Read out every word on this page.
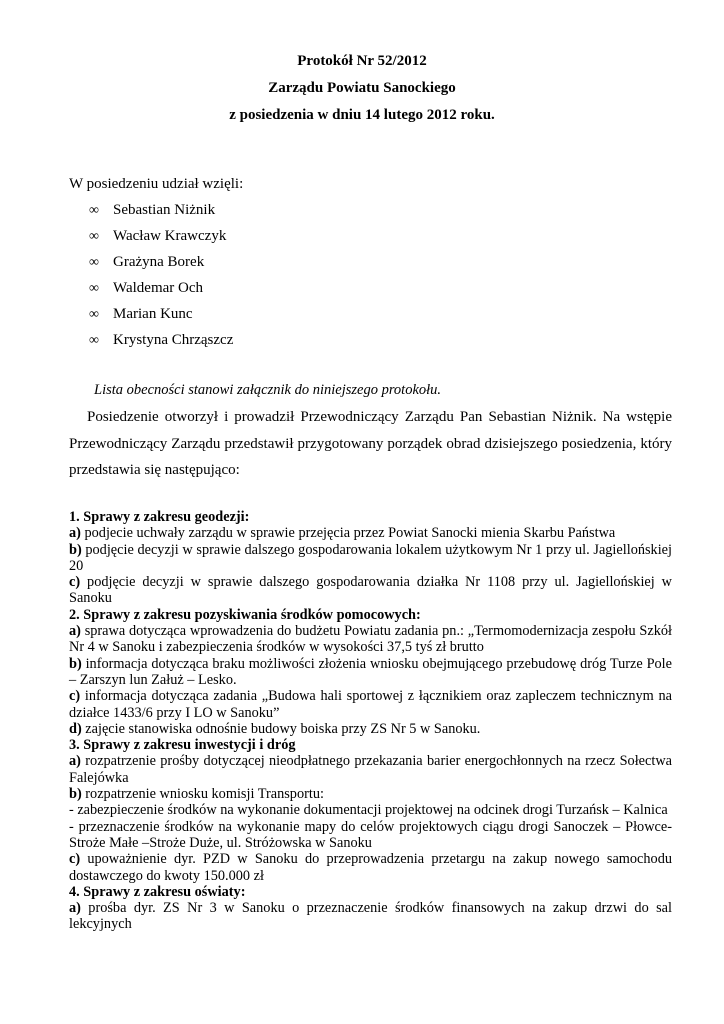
Protokół Nr 52/2012
Zarządu Powiatu Sanockiego
z posiedzenia w dniu 14 lutego 2012 roku.
W posiedzeniu udział wzięli:
∞ Sebastian Niżnik
∞ Wacław Krawczyk
∞ Grażyna Borek
∞ Waldemar Och
∞ Marian Kunc
∞ Krystyna Chrząszcz
Lista obecności stanowi załącznik do niniejszego protokołu.
Posiedzenie otworzył i prowadził Przewodniczący Zarządu Pan Sebastian Niżnik. Na wstępie Przewodniczący Zarządu przedstawił przygotowany porządek obrad dzisiejszego posiedzenia, który przedstawia się następująco:

1. Sprawy z zakresu geodezji:

a) podjecie uchwały zarządu w sprawie przejęcia przez Powiat Sanocki mienia Skarbu Państwa

b) podjęcie decyzji w sprawie dalszego gospodarowania lokalem użytkowym Nr 1 przy ul. Jagiellońskiej 20

c) podjęcie decyzji w sprawie dalszego gospodarowania działka Nr 1108 przy ul. Jagiellońskiej w Sanoku

2. Sprawy z zakresu pozyskiwania środków pomocowych:

a) sprawa dotycząca wprowadzenia do budżetu Powiatu zadania pn.: „Termomodernizacja zespołu Szkół Nr 4 w Sanoku i zabezpieczenia środków w wysokości 37,5 tyś zł brutto

b) informacja dotycząca braku możliwości złożenia wniosku obejmującego przebudowę dróg Turze Pole – Zarszyn lun Załuż – Lesko.

c) informacja dotycząca zadania „Budowa hali sportowej z łącznikiem oraz zapleczem technicznym na działce 1433/6 przy I LO w Sanoku”

d) zajęcie stanowiska odnośnie budowy boiska przy ZS Nr 5 w Sanoku.

3. Sprawy z zakresu inwestycji i dróg

a) rozpatrzenie prośby dotyczącej nieodpłatnego przekazania barier energochłonnych na rzecz Sołectwa Falejówka

b) rozpatrzenie wniosku komisji Transportu:

- zabezpieczenie środków na wykonanie dokumentacji projektowej na odcinek drogi Turzańsk – Kalnica

- przeznaczenie środków na wykonanie mapy do celów projektowych ciągu drogi Sanoczek – Płowce-Stroże Małe –Stroże Duże, ul. Stróżowska w Sanoku

c) upoważnienie dyr. PZD w Sanoku do przeprowadzenia przetargu na zakup nowego samochodu dostawczego do kwoty 150.000 zł

4. Sprawy z zakresu oświaty:

a) prośba dyr. ZS Nr 3 w Sanoku o przeznaczenie środków finansowych na zakup drzwi do sal lekcyjnych
